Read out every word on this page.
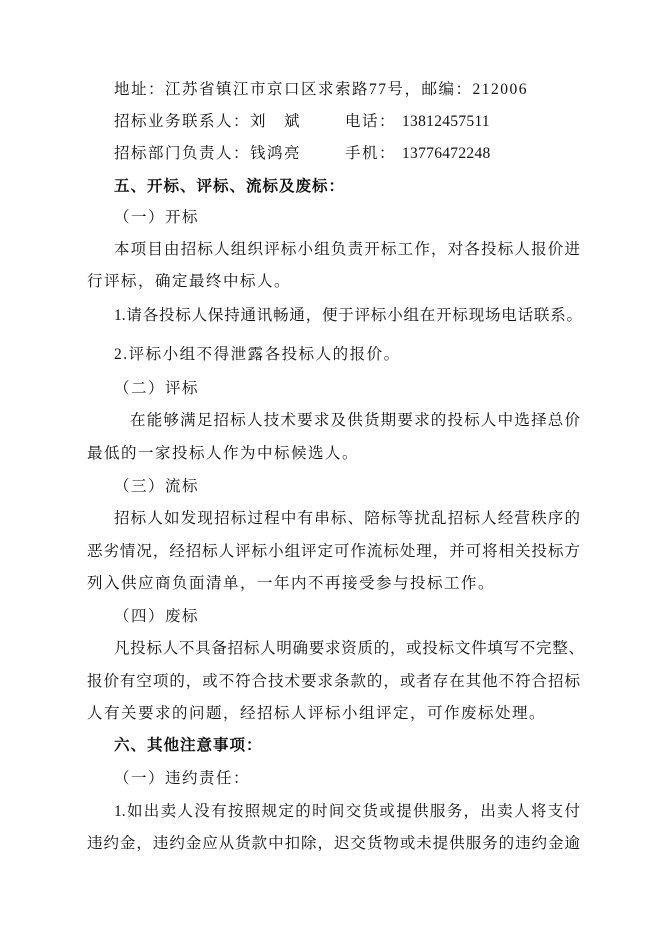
地址：江苏省镇江市京口区求索路77号，邮编：212006
招标业务联系人：刘　斌	电话： 13812457511
招标部门负责人：钱鸿亮	手机： 13776472248
五、开标、评标、流标及废标：
（一）开标
本项目由招标人组织评标小组负责开标工作，对各投标人报价进
行评标，确定最终中标人。
1.请各投标人保持通讯畅通，便于评标小组在开标现场电话联系。
2.评标小组不得泄露各投标人的报价。
（二）评标
在能够满足招标人技术要求及供货期要求的投标人中选择总价
最低的一家投标人作为中标候选人。
（三）流标
招标人如发现招标过程中有串标、陪标等扰乱招标人经营秩序的
恶劣情况，经招标人评标小组评定可作流标处理，并可将相关投标方
列入供应商负面清单，一年内不再接受参与投标工作。
（四）废标
凡投标人不具备招标人明确要求资质的，或投标文件填写不完整、
报价有空项的，或不符合技术要求条款的，或者存在其他不符合招标
人有关要求的问题，经招标人评标小组评定，可作废标处理。
六、其他注意事项：
（一）违约责任：
1.如出卖人没有按照规定的时间交货或提供服务，出卖人将支付
违约金，违约金应从货款中扣除，迟交货物或未提供服务的违约金逾
